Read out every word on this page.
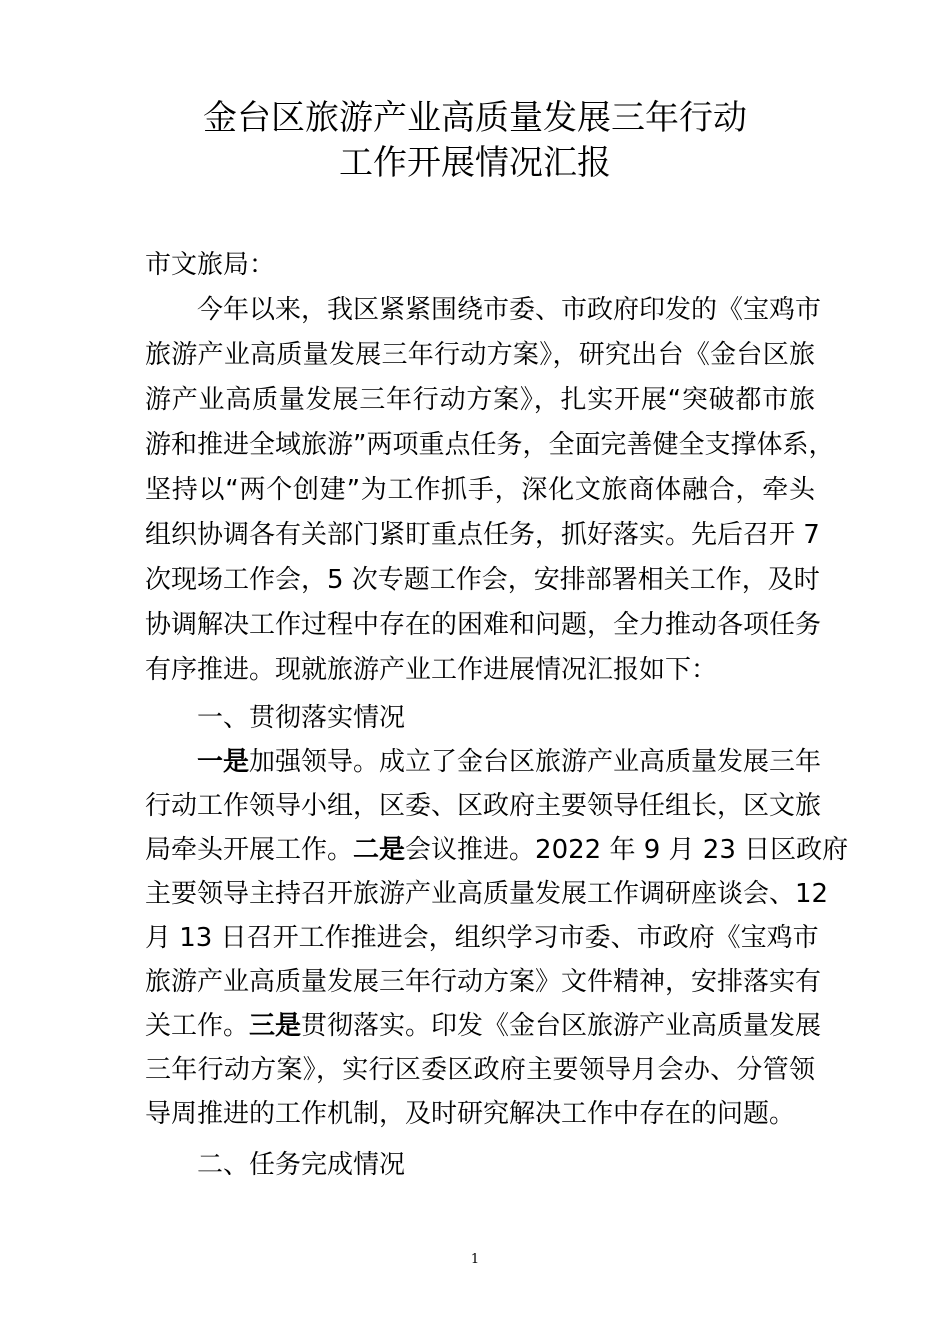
金台区旅游产业高质量发展三年行动
工作开展情况汇报
市文旅局：
今年以来，我区紧紧围绕市委、市政府印发的《宝鸡市
旅游产业高质量发展三年行动方案》，研究出台《金台区旅
游产业高质量发展三年行动方案》，扎实开展“突破都市旅
游和推进全域旅游”两项重点任务，全面完善健全支撑体系，
坚持以“两个创建”为工作抓手，深化文旅商体融合，牵头
组织协调各有关部门紧盯重点任务，抓好落实。先后召开 7
次现场工作会，5 次专题工作会，安排部署相关工作，及时
协调解决工作过程中存在的困难和问题，全力推动各项任务
有序推进。现就旅游产业工作进展情况汇报如下：
一、贯彻落实情况
一是加强领导。成立了金台区旅游产业高质量发展三年
行动工作领导小组，区委、区政府主要领导任组长，区文旅
局牵头开展工作。二是会议推进。2022 年 9 月 23 日区政府
主要领导主持召开旅游产业高质量发展工作调研座谈会、12
月 13 日召开工作推进会，组织学习市委、市政府《宝鸡市
旅游产业高质量发展三年行动方案》文件精神，安排落实有
关工作。三是贯彻落实。印发《金台区旅游产业高质量发展
三年行动方案》，实行区委区政府主要领导月会办、分管领
导周推进的工作机制，及时研究解决工作中存在的问题。
二、任务完成情况
1
